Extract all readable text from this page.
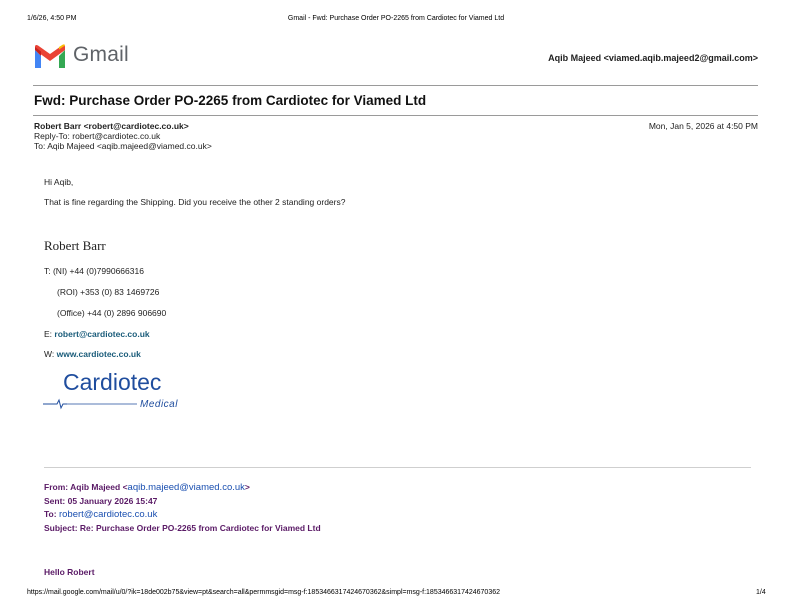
1/6/26, 4:50 PM	Gmail - Fwd: Purchase Order PO-2265 from Cardiotec for Viamed Ltd
Gmail	Aqib Majeed <viamed.aqib.majeed2@gmail.com>
Fwd: Purchase Order PO-2265 from Cardiotec for Viamed Ltd
Robert Barr <robert@cardiotec.co.uk>
Reply-To: robert@cardiotec.co.uk
To: Aqib Majeed <aqib.majeed@viamed.co.uk>
Mon, Jan 5, 2026 at 4:50 PM
Hi Aqib,
That is fine regarding the Shipping. Did you receive the other 2 standing orders?
Robert Barr
T: (NI) +44 (0)7990666316
(ROI) +353 (0) 83 1469726
(Office) +44 (0) 2896 906690
E: robert@cardiotec.co.uk
W: www.cardiotec.co.uk
Cardiotec
Medical
From: Aqib Majeed <aqib.majeed@viamed.co.uk>
Sent: 05 January 2026 15:47
To: robert@cardiotec.co.uk
Subject: Re: Purchase Order PO-2265 from Cardiotec for Viamed Ltd
Hello Robert
https://mail.google.com/mail/u/0/?ik=18de002b75&view=pt&search=all&permmsgid=msg-f:1853466317424670362&simpl=msg-f:1853466317424670362	1/4
